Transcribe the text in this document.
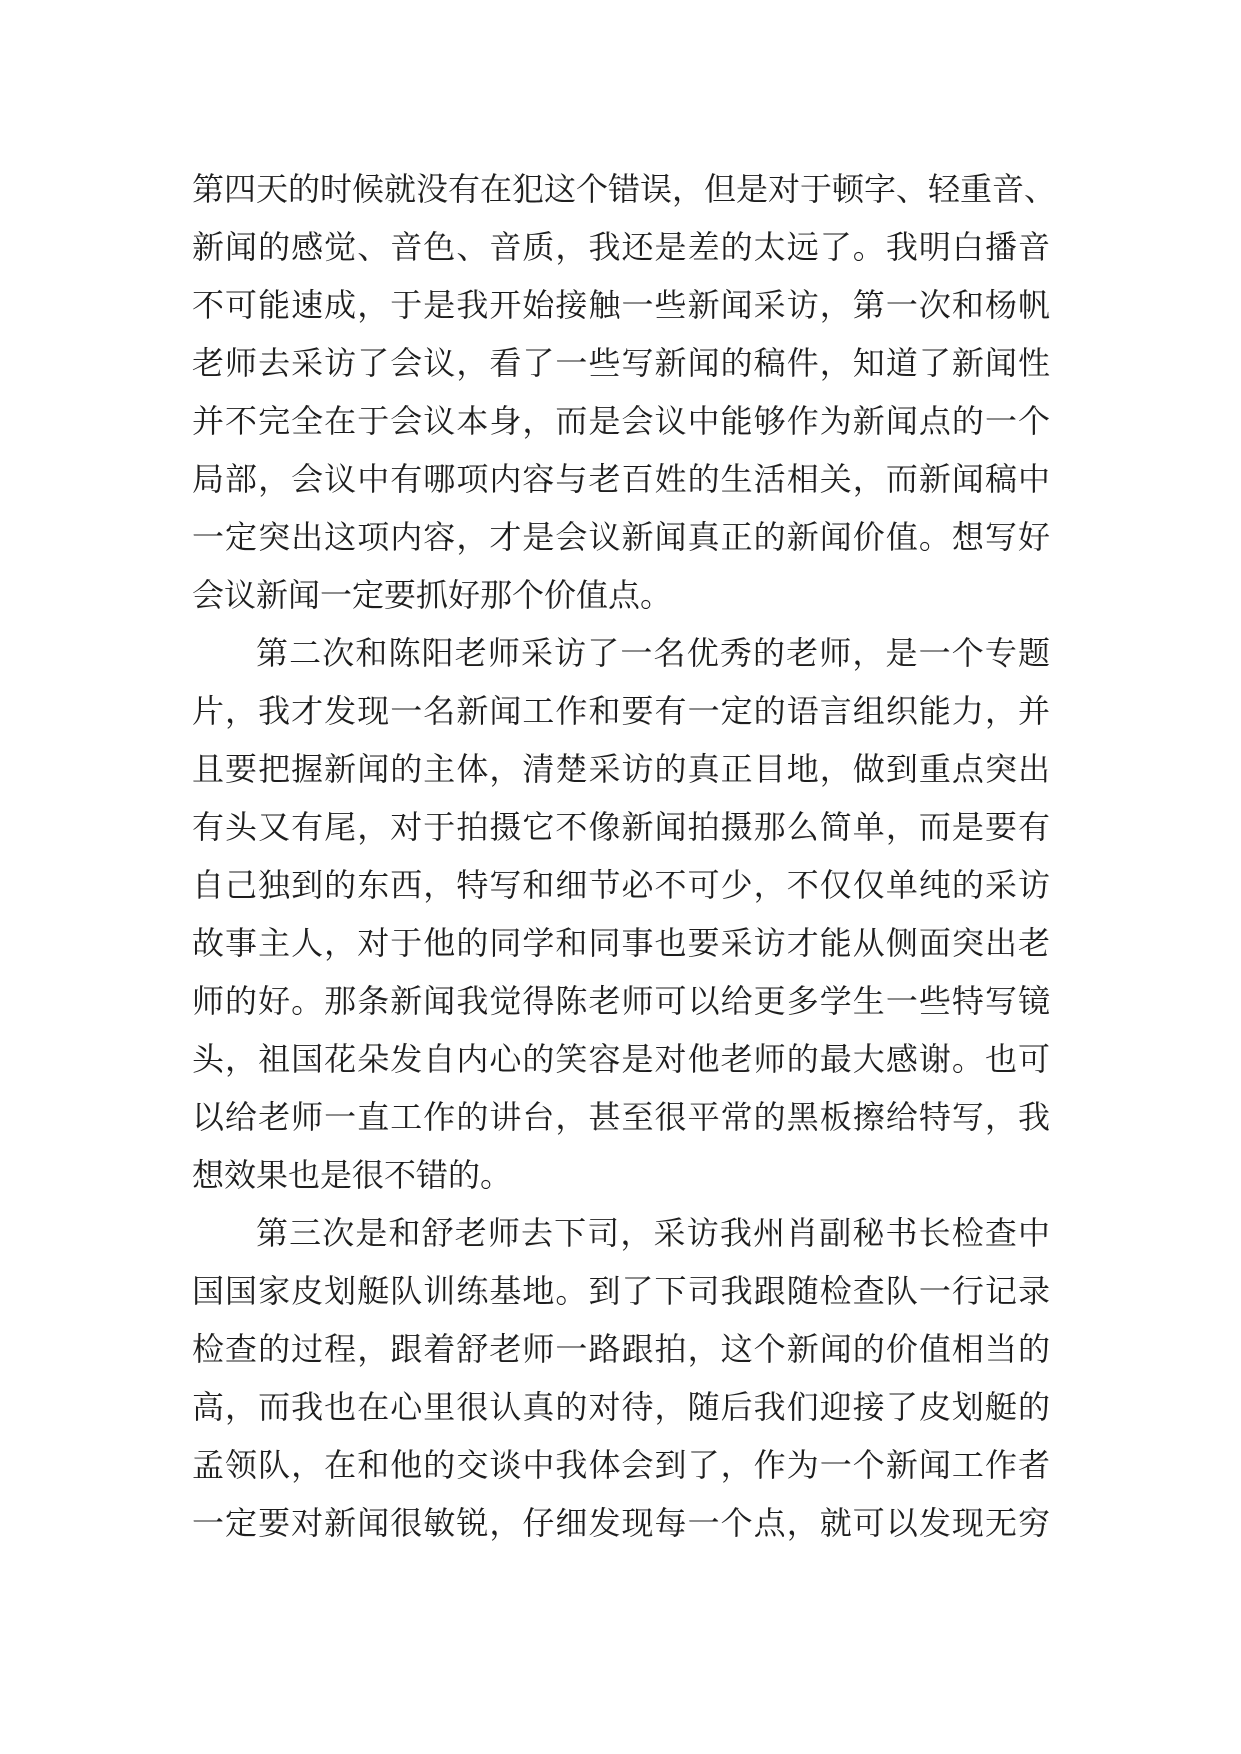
第四天的时候就没有在犯这个错误，但是对于顿字、轻重音、
新闻的感觉、音色、音质，我还是差的太远了。我明白播音
不可能速成，于是我开始接触一些新闻采访，第一次和杨帆
老师去采访了会议，看了一些写新闻的稿件，知道了新闻性
并不完全在于会议本身，而是会议中能够作为新闻点的一个
局部，会议中有哪项内容与老百姓的生活相关，而新闻稿中
一定突出这项内容，才是会议新闻真正的新闻价值。想写好
会议新闻一定要抓好那个价值点。
第二次和陈阳老师采访了一名优秀的老师，是一个专题
片，我才发现一名新闻工作和要有一定的语言组织能力，并
且要把握新闻的主体，清楚采访的真正目地，做到重点突出
有头又有尾，对于拍摄它不像新闻拍摄那么简单，而是要有
自己独到的东西，特写和细节必不可少，不仅仅单纯的采访
故事主人，对于他的同学和同事也要采访才能从侧面突出老
师的好。那条新闻我觉得陈老师可以给更多学生一些特写镜
头，祖国花朵发自内心的笑容是对他老师的最大感谢。也可
以给老师一直工作的讲台，甚至很平常的黑板擦给特写，我
想效果也是很不错的。
第三次是和舒老师去下司，采访我州肖副秘书长检查中
国国家皮划艇队训练基地。到了下司我跟随检查队一行记录
检查的过程，跟着舒老师一路跟拍，这个新闻的价值相当的
高，而我也在心里很认真的对待，随后我们迎接了皮划艇的
孟领队，在和他的交谈中我体会到了，作为一个新闻工作者
一定要对新闻很敏锐，仔细发现每一个点，就可以发现无穷
